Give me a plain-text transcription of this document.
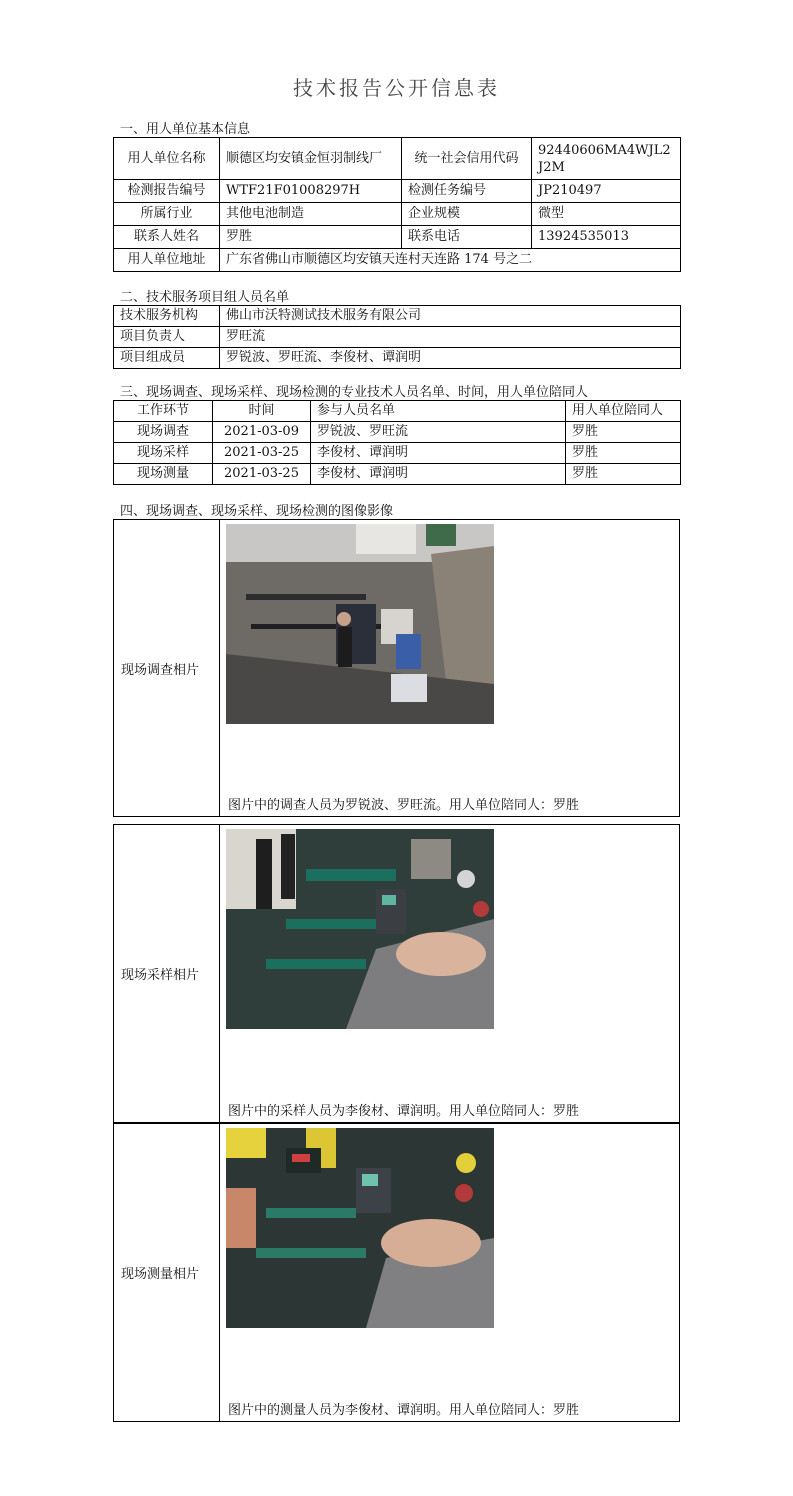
技术报告公开信息表
一、用人单位基本信息
用人单位名称	顺德区均安镇金恒羽制线厂	统一社会信用代码	92440606MA4WJL2J2M
检测报告编号	WTF21F01008297H	检测任务编号	JP210497
所属行业	其他电池制造	企业规模	微型
联系人姓名	罗胜	联系电话	13924535013
用人单位地址	广东省佛山市顺德区均安镇天连村天连路 174 号之二		
二、技术服务项目组人员名单
技术服务机构	佛山市沃特测试技术服务有限公司
项目负责人	罗旺流
项目组成员	罗锐波、罗旺流、李俊材、谭润明
三、现场调查、现场采样、现场检测的专业技术人员名单、时间，用人单位陪同人
工作环节	时间	参与人员名单	用人单位陪同人
现场调查	2021-03-09	罗锐波、罗旺流	罗胜
现场采样	2021-03-25	李俊材、谭润明	罗胜
现场测量	2021-03-25	李俊材、谭润明	罗胜
四、现场调查、现场采样、现场检测的图像影像
现场调查相片
图片中的调查人员为罗锐波、罗旺流。用人单位陪同人：罗胜
现场采样相片
图片中的采样人员为李俊材、谭润明。用人单位陪同人：罗胜
现场测量相片
图片中的测量人员为李俊材、谭润明。用人单位陪同人：罗胜
